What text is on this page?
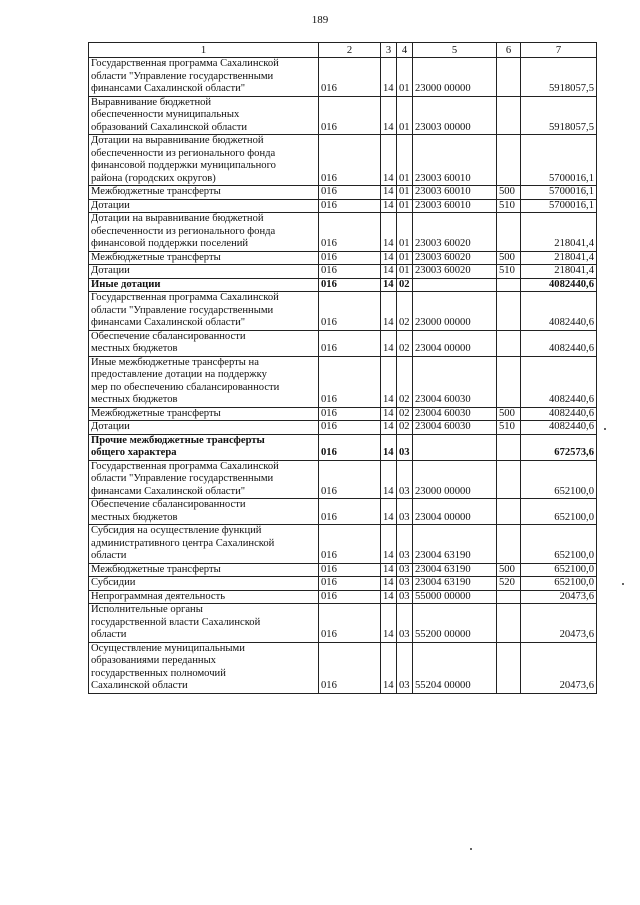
189
1	2	3	4	5	6	7
Государственная программа Сахалинской
области "Управление государственными
финансами Сахалинской области"	016	14	01	23000 00000		5918057,5
Выравнивание бюджетной
обеспеченности муниципальных
образований Сахалинской области	016	14	01	23003 00000		5918057,5
Дотации на выравнивание бюджетной
обеспеченности из регионального фонда
финансовой поддержки муниципального
района (городских округов)	016	14	01	23003 60010		5700016,1
Межбюджетные трансферты	016	14	01	23003 60010	500	5700016,1
Дотации	016	14	01	23003 60010	510	5700016,1
Дотации на выравнивание бюджетной
обеспеченности из регионального фонда
финансовой поддержки поселений	016	14	01	23003 60020		218041,4
Межбюджетные трансферты	016	14	01	23003 60020	500	218041,4
Дотации	016	14	01	23003 60020	510	218041,4
Иные дотации	016	14	02			4082440,6
Государственная программа Сахалинской
области "Управление государственными
финансами Сахалинской области"	016	14	02	23000 00000		4082440,6
Обеспечение сбалансированности
местных бюджетов	016	14	02	23004 00000		4082440,6
Иные межбюджетные трансферты на
предоставление дотации на поддержку
мер по обеспечению сбалансированности
местных бюджетов	016	14	02	23004 60030		4082440,6
Межбюджетные трансферты	016	14	02	23004 60030	500	4082440,6
Дотации	016	14	02	23004 60030	510	4082440,6
Прочие межбюджетные трансферты
общего характера	016	14	03			672573,6
Государственная программа Сахалинской
области "Управление государственными
финансами Сахалинской области"	016	14	03	23000 00000		652100,0
Обеспечение сбалансированности
местных бюджетов	016	14	03	23004 00000		652100,0
Субсидия на осуществление функций
административного центра Сахалинской
области	016	14	03	23004 63190		652100,0
Межбюджетные трансферты	016	14	03	23004 63190	500	652100,0
Субсидии	016	14	03	23004 63190	520	652100,0
Непрограммная деятельность	016	14	03	55000 00000		20473,6
Исполнительные органы
государственной власти Сахалинской
области	016	14	03	55200 00000		20473,6
Осуществление муниципальными
образованиями переданных
государственных полномочий
Сахалинской области	016	14	03	55204 00000		20473,6
